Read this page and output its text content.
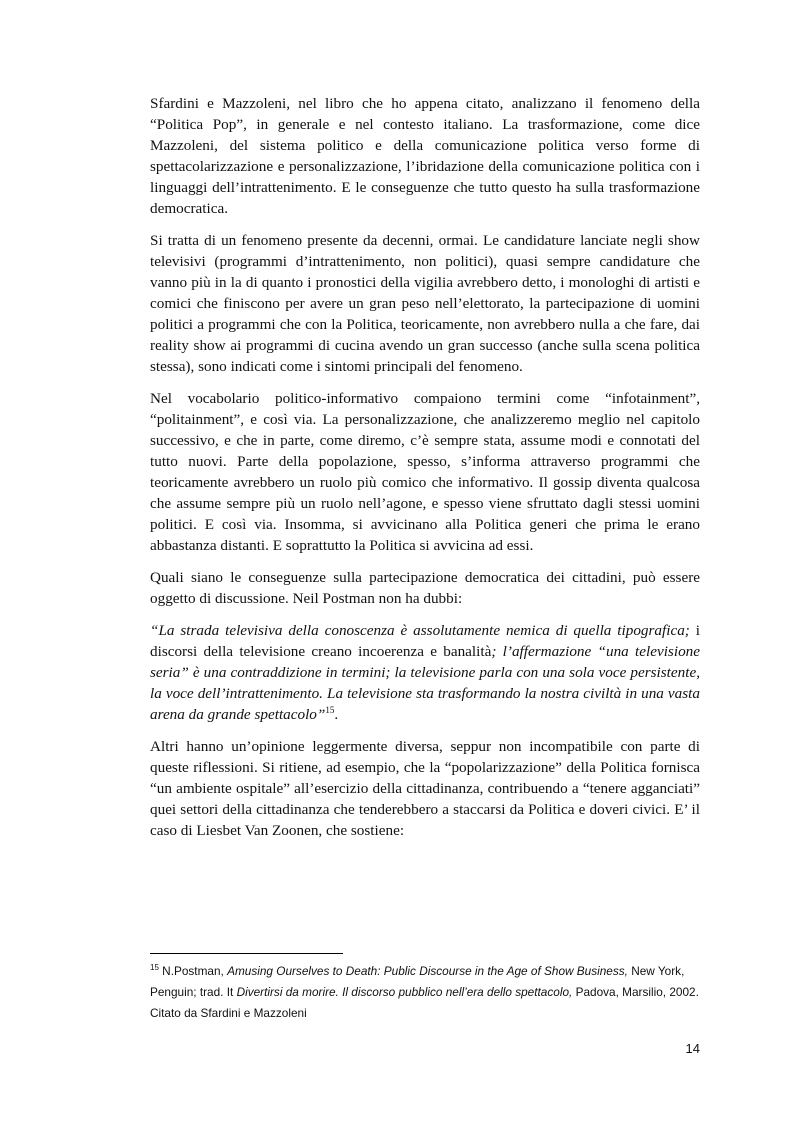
Sfardini e Mazzoleni, nel libro che ho appena citato, analizzano il fenomeno della “Politica Pop”, in generale e nel contesto italiano. La trasformazione, come dice Mazzoleni, del sistema politico e della comunicazione politica verso forme di spettacolarizzazione e personalizzazione, l’ibridazione della comunicazione politica con i linguaggi dell’intrattenimento. E le conseguenze che tutto questo ha sulla trasformazione democratica.

Si tratta di un fenomeno presente da decenni, ormai. Le candidature lanciate negli show televisivi (programmi d’intrattenimento, non politici), quasi sempre candidature che vanno più in la di quanto i pronostici della vigilia avrebbero detto, i monologhi di artisti e comici che finiscono per avere un gran peso nell’elettorato, la partecipazione di uomini politici a programmi che con la Politica, teoricamente, non avrebbero nulla a che fare, dai reality show ai programmi di cucina avendo un gran successo (anche sulla scena politica stessa), sono indicati come i sintomi principali del fenomeno.

Nel vocabolario politico-informativo compaiono termini come “infotainment”, “politainment”, e così via. La personalizzazione, che analizzeremo meglio nel capitolo successivo, e che in parte, come diremo, c’è sempre stata, assume modi e connotati del tutto nuovi. Parte della popolazione, spesso, s’informa attraverso programmi che teoricamente avrebbero un ruolo più comico che informativo. Il gossip diventa qualcosa che assume sempre più un ruolo nell’agone, e spesso viene sfruttato dagli stessi uomini politici. E così via. Insomma, si avvicinano alla Politica generi che prima le erano abbastanza distanti. E soprattutto la Politica si avvicina ad essi.

Quali siano le conseguenze sulla partecipazione democratica dei cittadini, può essere oggetto di discussione. Neil Postman non ha dubbi:

“La strada televisiva della conoscenza è assolutamente nemica di quella tipografica; i discorsi della televisione creano incoerenza e banalità; l’affermazione “una televisione seria” è una contraddizione in termini; la televisione parla con una sola voce persistente, la voce dell’intrattenimento. La televisione sta trasformando la nostra civiltà in una vasta arena da grande spettacolo”$^{15}$.

Altri hanno un’opinione leggermente diversa, seppur non incompatibile con parte di queste riflessioni. Si ritiene, ad esempio, che la “popolarizzazione” della Politica fornisca “un ambiente ospitale” all’esercizio della cittadinanza, contribuendo a “tenere agganciati” quei settori della cittadinanza che tenderebbero a staccarsi da Politica e doveri civici. E’ il caso di Liesbet Van Zoonen, che sostiene:

$^{15}$ N.Postman, Amusing Ourselves to Death: Public Discourse in the Age of Show Business, New York, Penguin; trad. It Divertirsi da morire. Il discorso pubblico nell’era dello spettacolo, Padova, Marsilio, 2002. Citato da Sfardini e Mazzoleni
14
